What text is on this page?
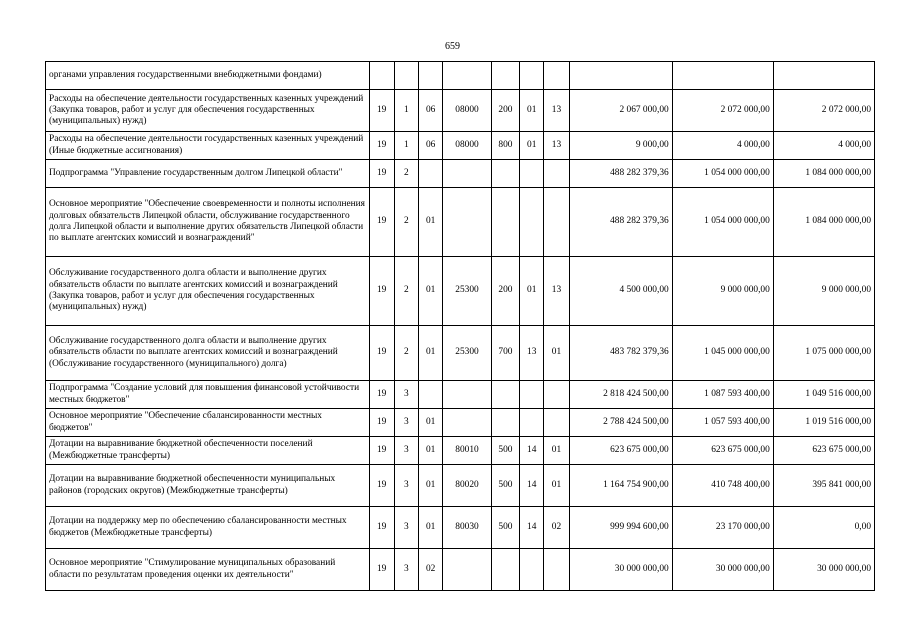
659
органами управления государственными внебюджетными фондами)										
Расходы на обеспечение деятельности государственных казенных учреждений (Закупка товаров, работ и услуг для обеспечения государственных (муниципальных) нужд)	19	1	06	08000	200	01	13	2 067 000,00	2 072 000,00	2 072 000,00
Расходы на обеспечение деятельности государственных казенных учреждений (Иные бюджетные ассигнования)	19	1	06	08000	800	01	13	9 000,00	4 000,00	4 000,00
Подпрограмма "Управление государственным долгом Липецкой области"	19	2						488 282 379,36	1 054 000 000,00	1 084 000 000,00
Основное мероприятие "Обеспечение своевременности и полноты исполнения долговых обязательств Липецкой области, обслуживание государственного долга Липецкой области и выполнение других обязательств Липецкой области по выплате агентских комиссий и вознаграждений"	19	2	01					488 282 379,36	1 054 000 000,00	1 084 000 000,00
Обслуживание государственного долга области и выполнение других обязательств области по выплате агентских комиссий и вознаграждений (Закупка товаров, работ и услуг для обеспечения государственных (муниципальных) нужд)	19	2	01	25300	200	01	13	4 500 000,00	9 000 000,00	9 000 000,00
Обслуживание государственного долга области и выполнение других обязательств области по выплате агентских комиссий и вознаграждений (Обслуживание государственного (муниципального) долга)	19	2	01	25300	700	13	01	483 782 379,36	1 045 000 000,00	1 075 000 000,00
Подпрограмма "Создание условий для повышения финансовой устойчивости местных бюджетов"	19	3						2 818 424 500,00	1 087 593 400,00	1 049 516 000,00
Основное мероприятие "Обеспечение сбалансированности местных бюджетов"	19	3	01					2 788 424 500,00	1 057 593 400,00	1 019 516 000,00
Дотации на выравнивание бюджетной обеспеченности поселений (Межбюджетные трансферты)	19	3	01	80010	500	14	01	623 675 000,00	623 675 000,00	623 675 000,00
Дотации на выравнивание бюджетной обеспеченности муниципальных районов (городских округов) (Межбюджетные трансферты)	19	3	01	80020	500	14	01	1 164 754 900,00	410 748 400,00	395 841 000,00
Дотации на поддержку мер по обеспечению сбалансированности местных бюджетов (Межбюджетные трансферты)	19	3	01	80030	500	14	02	999 994 600,00	23 170 000,00	0,00
Основное мероприятие "Стимулирование муниципальных образований области по результатам проведения оценки их деятельности"	19	3	02					30 000 000,00	30 000 000,00	30 000 000,00
